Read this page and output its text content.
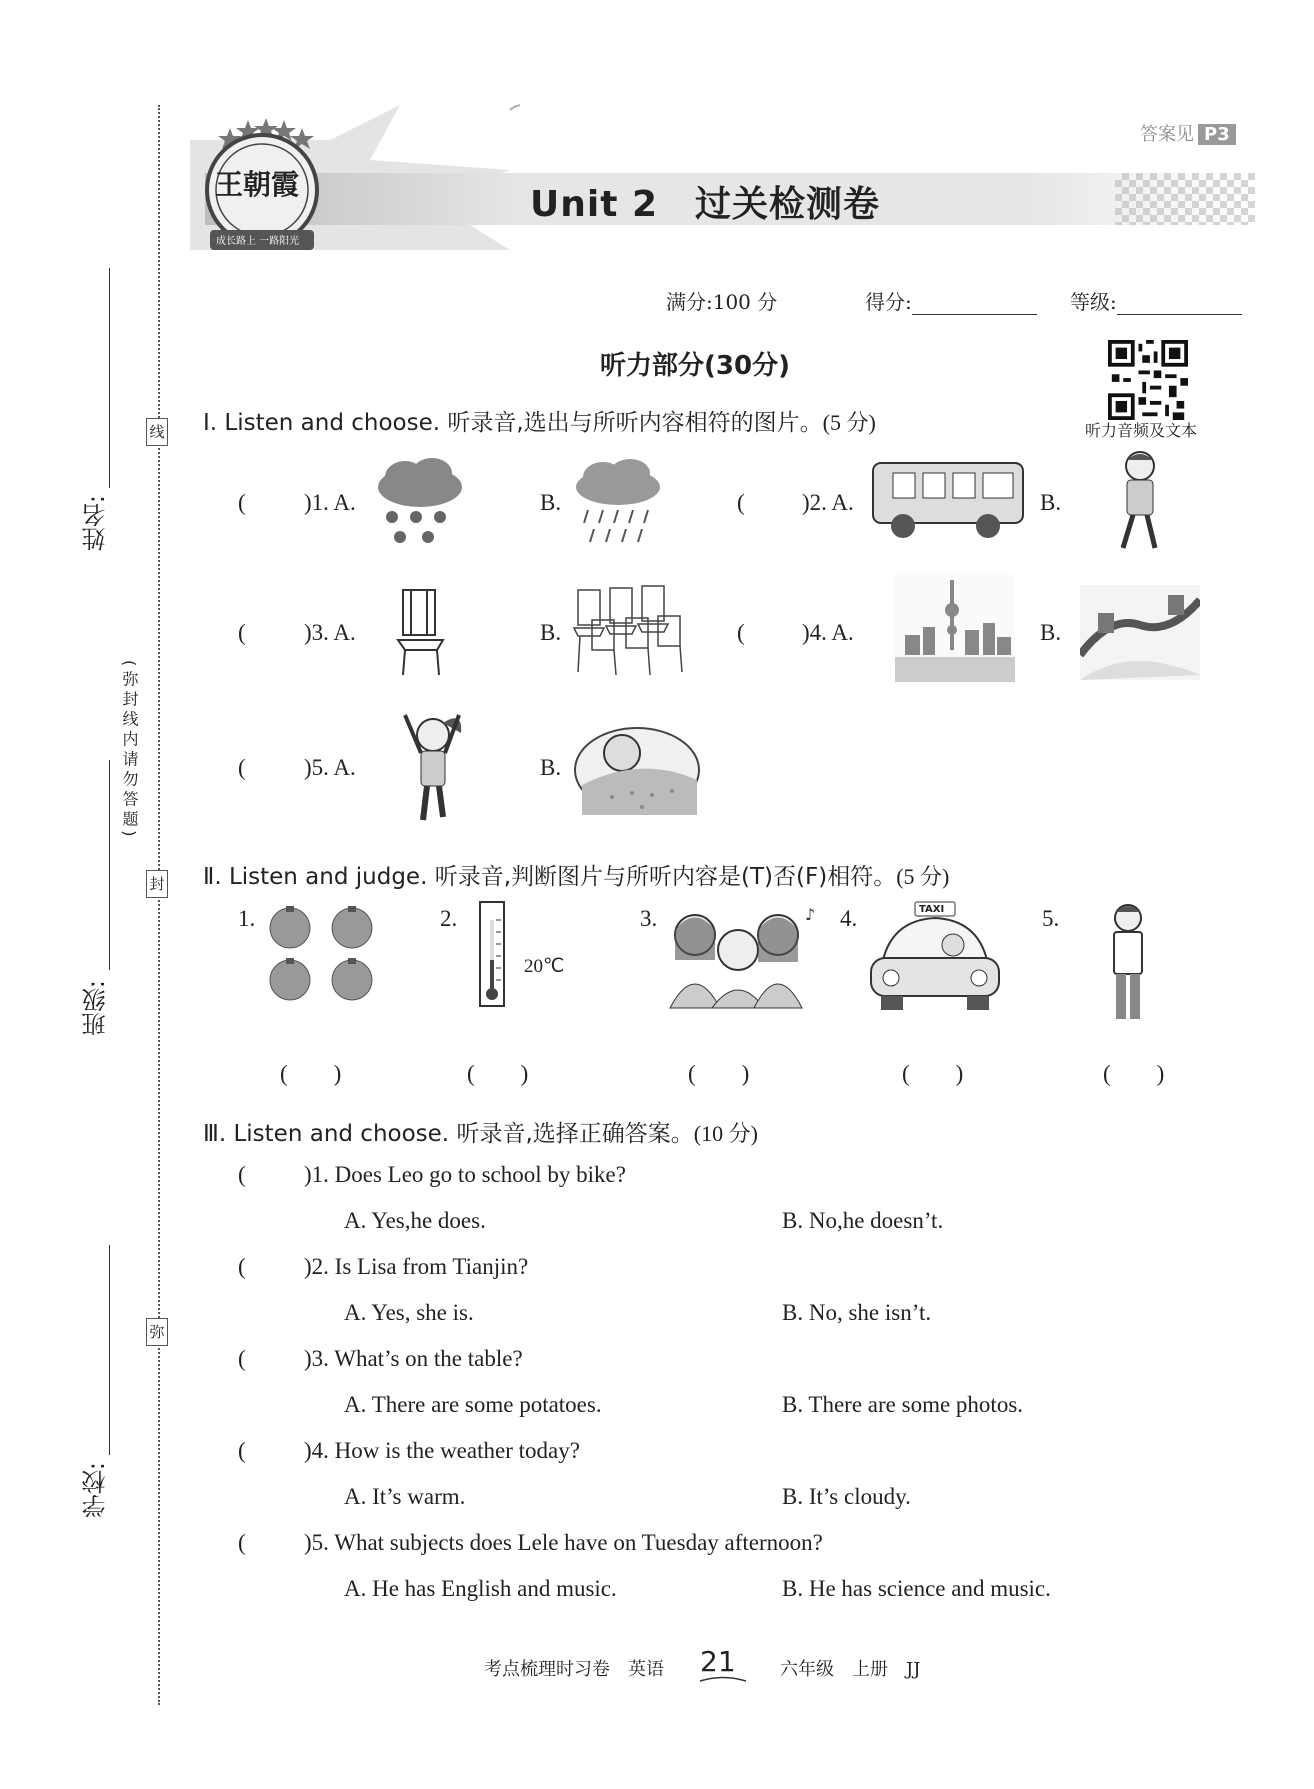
线
封
弥
姓名:
班级:
学校:
(弥封线内请勿答题)
答案见 P3
王朝霞
成长路上 一路阳光
Unit 2　过关检测卷
满分:100 分	得分:	等级:
听力部分(30分)
听力音频及文本
Ⅰ. Listen and choose. 听录音,选出与所听内容相符的图片。(5 分)
(	)1. A.	B.	( )2. A.	B.
(	)3. A.	B.	( )4. A.	B.
(	)5. A.	B.
Ⅱ. Listen and judge. 听录音,判断图片与所听内容是(T)否(F)相符。(5 分)
1.	2.	3.	4.	5.
20℃
♪	TAXI
(　　)	(　　)	(　　)	(　　)	(　　)
Ⅲ. Listen and choose. 听录音,选择正确答案。(10 分)
(	)1. Does Leo go to school by bike?
A. Yes,he does.	B. No,he doesn’t.
(	)2. Is Lisa from Tianjin?
A. Yes, she is.	B. No, she isn’t.
(	)3. What’s on the table?
A. There are some potatoes.	B. There are some photos.
(	)4. How is the weather today?
A. It’s warm.	B. It’s cloudy.
(	)5. What subjects does Lele have on Tuesday afternoon?
A. He has English and music.	B. He has science and music.
考点梳理时习卷　英语 21 六年级　上册　JJ
